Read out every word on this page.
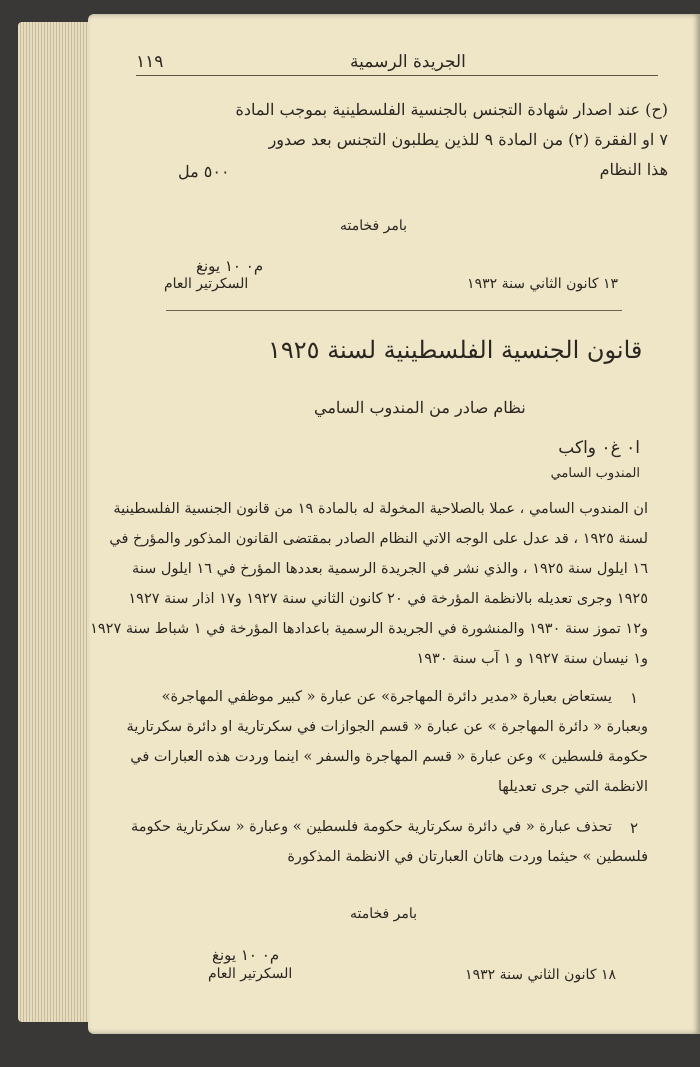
١١٩	الجريدة الرسمية
(ح) عند اصدار شهادة التجنس بالجنسية الفلسطينية بموجب المادة
٧ او الفقرة (٢) من المادة ٩ للذين يطلبون التجنس بعد صدور
هذا النظام
٥٠٠ مل
بامر فخامته
م٠ ١٠ يونغ
السكرتير العام	١٣ كانون الثاني سنة ١٩٣٢
قانون الجنسية الفلسطينية لسنة ١٩٢٥
نظام صادر من المندوب السامي
ا٠ غ٠ واكب
المندوب السامي
ان المندوب السامي ، عملا بالصلاحية المخولة له بالمادة ١٩ من قانون الجنسية الفلسطينية
لسنة ١٩٢٥ ، قد عدل على الوجه الاتي النظام الصادر بمقتضى القانون المذكور والمؤرخ في
١٦ ايلول سنة ١٩٢٥ ، والذي نشر في الجريدة الرسمية بعددها المؤرخ في ١٦ ايلول سنة
١٩٢٥ وجرى تعديله بالانظمة المؤرخة في ٢٠ كانون الثاني سنة ١٩٢٧ و١٧ اذار سنة ١٩٢٧
و١٢ تموز سنة ١٩٣٠ والمنشورة في الجريدة الرسمية باعدادها المؤرخة في ١ شباط سنة ١٩٢٧
و١ نيسان سنة ١٩٢٧ و ١ آب سنة ١٩٣٠
١
يستعاض بعبارة «مدير دائرة المهاجرة» عن عبارة « كبير موظفي المهاجرة»
وبعبارة « دائرة المهاجرة » عن عبارة « قسم الجوازات في سكرتارية او دائرة سكرتارية
حكومة فلسطين » وعن عبارة « قسم المهاجرة والسفر » اينما وردت هذه العبارات في
الانظمة التي جرى تعديلها
٢
تحذف عبارة « في دائرة سكرتارية حكومة فلسطين » وعبارة « سكرتارية حكومة
فلسطين » حيثما وردت هاتان العبارتان في الانظمة المذكورة
بامر فخامته
م٠ ١٠ يونغ
السكرتير العام	١٨ كانون الثاني سنة ١٩٣٢
